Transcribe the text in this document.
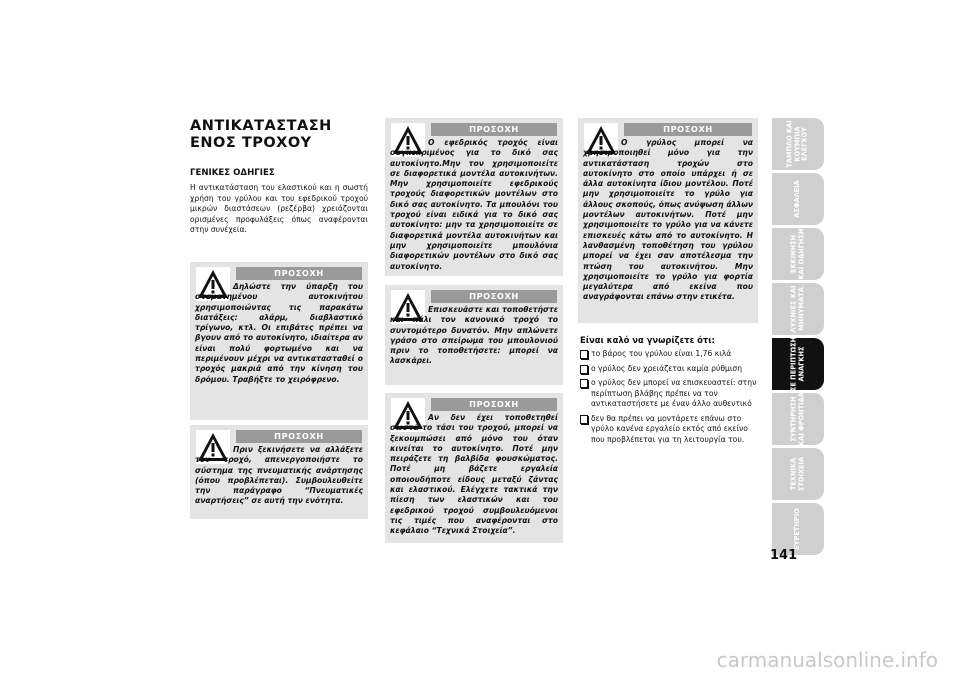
ΑΝΤΙΚΑΤΑΣΤΑΣΗ
ΕΝΟΣ ΤΡΟΧΟΥ
ΓΕΝΙΚΕΣ ΟΔΗΓΙΕΣ
Η αντικατάσταση του ελαστικού και η σωστή χρήση του γρύλου και του εφεδρικού τροχού μικρών διαστάσεων (ρεζέρβα) χρειάζονται ορισμένες προφυλάξεις όπως αναφέρονται στην συνέχεια.
ΠΡΟΣΟΧΗ
Δηλώστε την ύπαρξη του σταματημένου αυτοκινήτου χρησιμοποιώντας τις παρακάτω διατάξεις: αλάρμ, διαβλαστικό τρίγωνο, κτλ. Οι επιβάτες πρέπει να βγουν από το αυτοκίνητο, ιδιαίτερα αν είναι πολύ φορτωμένο και να περιμένουν μέχρι να αντικατασταθεί ο τροχός μακριά από την κίνηση του δρόμου. Τραβήξτε το χειρόφρενο.
ΠΡΟΣΟΧΗ
Πριν ξεκινήσετε να αλλάξετε τον τροχό, απενεργοποιήστε το σύστημα της πνευματικής ανάρτησης (όπου προβλέπεται). Συμβουλευθείτε την παράγραφο “Πνευματικές αναρτήσεις” σε αυτή την ενότητα.
ΠΡΟΣΟΧΗ
Ο εφεδρικός τροχός είναι συγκεκριμένος για το δικό σας αυτοκίνητο.Μην τον χρησιμοποιείτε σε διαφορετικά μοντέλα αυτοκινήτων. Μην χρησιμοποιείτε εφεδρικούς τροχούς διαφορετικών μοντέλων στο δικό σας αυτοκίνητο. Τα μπουλόνι του τροχού είναι ειδικά για το δικό σας αυτοκίνητο: μην τα χρησιμοποιείτε σε διαφορετικά μοντέλα αυτοκινήτων και μην χρησιμοποιείτε μπουλόνια διαφορετικών μοντέλων στο δικό σας αυτοκίνητο.
ΠΡΟΣΟΧΗ
Επισκευάστε και τοποθετήστε και πάλι τον κανονικό τροχό το συντομότερο δυνατόν. Μην απλώνετε γράσο στο σπείρωμα του μπουλονιού πριν το τοποθετήσετε: μπορεί να λασκάρει.
ΠΡΟΣΟΧΗ
Αν δεν έχει τοποθετηθεί σωστά το τάσι του τροχού, μπορεί να ξεκουμπώσει από μόνο του όταν κινείται το αυτοκίνητο. Ποτέ μην πειράζετε τη βαλβίδα φουσκώματος. Ποτέ μη βάζετε εργαλεία οποιουδήποτε είδους μεταξύ ζάντας και ελαστικού. Ελέγχετε τακτικά την πίεση των ελαστικών και του εφεδρικού τροχού συμβουλευόμενοι τις τιμές που αναφέρονται στο κεφάλαιο “Τεχνικά Στοιχεία”.
ΠΡΟΣΟΧΗ
Ο γρύλος μπορεί να χρησιμοποιηθεί μόνο για την αντικατάσταση τροχών στο αυτοκίνητο στο οποίο υπάρχει ή σε άλλα αυτοκίνητα ίδιου μοντέλου. Ποτέ μην χρησιμοποιείτε το γρύλο για άλλους σκοπούς, όπως ανύψωση άλλων μοντέλων αυτοκινήτων. Ποτέ μην χρησιμοποιείτε το γρύλο για να κάνετε επισκευές κάτω από το αυτοκίνητο. Η λανθασμένη τοποθέτηση του γρύλου μπορεί να έχει σαν αποτέλεσμα την πτώση του αυτοκινήτου. Μην χρησιμοποιείτε το γρύλο για φορτία μεγαλύτερα από εκείνα που αναγράφονται επάνω στην ετικέτα.
Είναι καλό να γνωρίζετε ότι:
το βάρος του γρύλου είναι 1,76 κιλά
ο γρύλος δεν χρειάζεται καμία ρύθμιση
ο γρύλος δεν μπορεί να επισκευαστεί: στην περίπτωση βλάβης πρέπει να τον αντικαταστήσετε με έναν άλλο αυθεντικό
δεν θα πρέπει να μοντάρετε επάνω στο γρύλο κανένα εργαλείο εκτός από εκείνο που προβλέπεται για τη λειτουργία του.
ΤΑΜΠΛΟ ΚΑΙ
ΚΟΥΜΠΙΑ
ΕΛΕΓΧΟΥ
ΑΣΦΑΛΕΙΑ
ΕΚΚΙΝΗΣΗ
ΚΑΙ ΟΔΗΓΗΣΗ
ΛΥΧΝΙΕΣ ΚΑΙ
ΜΗΝΥΜΑΤΑ
ΣΕ ΠΕΡΙΠΤΩΣΗ
ΑΝΑΓΚΗΣ
ΣΥΝΤΗΡΗΣΗ
ΚΑΙ ΦΡΟΝΤΙΔΑ
ΤΕΧΝΙΚΑ
ΣΤΟΙΧΕΙΑ
ΕΥΡΕΤΗΡΙΟ
141
carmanualsonline.info
